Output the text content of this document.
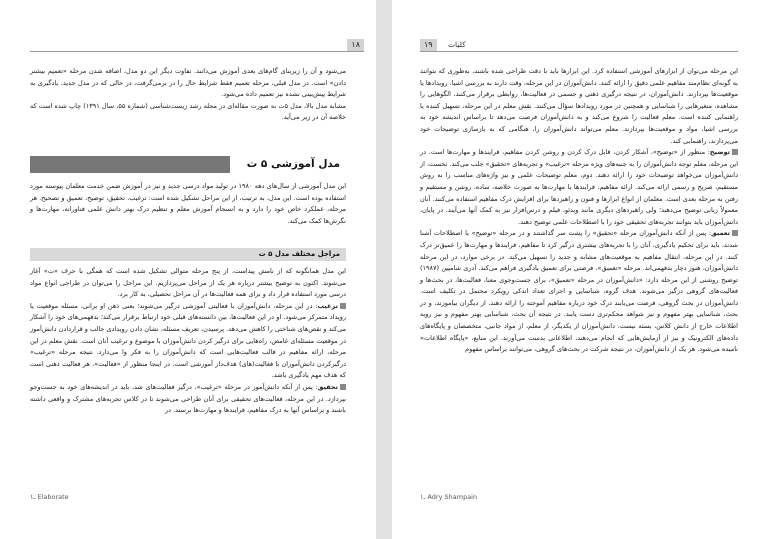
۱۸

می‌شود و آن را زیربنای گام‌های بعدی آموزش می‌دانند. تفاوت دیگر این دو مدل، اضافه شدن مرحله «تعمیم بیشتر دادن» است. در مدل قبلی، مرحله تعمیم فقط شرایط حال را در برمی‌گرفت، در حالی که در مدل جدید، یادگیری به شرایط پیش‌بینی نشده نیز تعمیم داده می‌شود.

مشابه مدل بالا، مدل ۵ت به صورت مقاله‌ای در مجله رشد زیست‌شناسی (شماره ۵۵، سال ۱۳۹۱) چاپ شده است که خلاصه آن در زیر می‌آید.

مدل آموزشی ۵ ت

این مدل آموزشی از سال‌های دهه ۱۹۸۰ در تولید مواد درسی جدید و نیز در آموزش ضمن خدمت معلمان پیوسته مورد استفاده بوده است. این مدل، به ترتیب، از این مراحل تشکیل شده است: ترغیب، تحقیق، توضیح، تعمیق و تصحیح. هر مرحله، عملکرد خاص خود را دارد و به انسجام آموزش معلم و تنظیم درک بهتر دانش علمی فناورانه، مهارت‌ها و نگرش‌ها کمک می‌کند.

مراحل مختلف مدل ۵ ت

این مدل همانگونه که از نامش پیداست، از پنج مرحله متوالی تشکیل شده است که همگی با حرف «ت» آغاز می‌شوند. اکنون به توضیح بیشتر درباره هر یک از مراحل می‌پردازیم. این مراحل را می‌توان در طراحی انواع مواد درسی مورد استفاده قرار داد و برای همه فعالیت‌ها در آن مراحل تحصیلی، به کار برد.

ترغیب: در این مرحله، دانش‌آموزان با فعالیتی آموزشی درگیر می‌شوند؛ یعنی ذهن او برانی، مسئله موقعیت یا رویداد متمرکز می‌شود. او در این فعالیت‌ها، بین دانسته‌های قبلی خود ارتباط برقرار می‌کند؛ بدفهمی‌های خود را آشکار می‌کند و نقص‌های شناختی را کاهش می‌دهد. پرسیدن، تعریف مسئله، نشان دادن رویدادی جالب و قراردادن دانش‌آموز در موقعیت مسئله‌ای غامض، راه‌هایی برای درگیر کردن دانش‌آموزان با موضوع و ترغیب آنان است. نقش معلم در این مرحله، ارائه مفاهیم در قالب فعالیت‌هایی است که دانش‌آموزان را به فکر وا می‌دارد. نتیجه مرحله «ترغیب» درگیرکردن دانش‌آموزان با فعالیت‌(های) هدف‌دار آموزشی است. در اینجا منظور از «فعالیت»، هر فعالیت ذهنی است که هدف مهم یادگیری باشد.

تحقیق: پس از آنکه دانش‌آموز در مرحله «ترغیب»، درگیر فعالیت‌های شد، باید در اندیشه‌های خود به جست‌وجو بپردازد. در این مرحله، فعالیت‌های تحقیقی برای آنان طراحی می‌شوند تا در کلاس تجربه‌های مشترک و واقعی داشته باشند و براساس آنها به درک مفاهیم، فرایندها و مهارت‌ها برسند. در

۱ـ Elaborate
۱۹	کلیات

این مرحله می‌توان از ابزارهای آموزشی استفاده کرد. این ابزارها باید با دقت طراحی شده باشند، به‌طوری که بتوانند به گونه‌ای نظام‌مند مفاهیم علمی دقیق را ارائه کنند. دانش‌آموزان در این مرحله، وقت دارند به بررسی اشیا، رویدادها یا موقعیت‌ها بپردازند. دانش‌آموزان، در نتیجه درگیری ذهنی و جسمی در فعالیت‌ها، روابطی برقرار می‌کنند، الگوهایی را مشاهده، متغیرهایی را شناسایی و همچنین در مورد رویدادها سؤال می‌کنند. نقش معلم در این مرحله، تسهیل کننده یا راهنمایی کننده است. معلم فعالیت را شروع می‌کند و به دانش‌آموزان فرصت می‌دهد تا براساس اندیشه خود به بررسی اشیا، مواد و موقعیت‌ها بپردازند. معلم می‌تواند دانش‌آموزان را، هنگامی که به بازسازی توضیحات خود می‌پردازند، راهنمایی کند.

توضیح: منظور از «توضیح»، آشکار کردن، قابل درک کردن و روشن کردن مفاهیم، فرایندها و مهارت‌ها است. در این مرحله، معلم توجه دانش‌آموزان را به جنبه‌های ویژه مرحله «ترغیب» و تجربه‌های «تحقیق» جلب می‌کند. نخست، از دانش‌آموزان می‌خواهد توضیحات خود را ارائه دهند. دوم، معلم توضیحات علمی و نیز واژه‌های مناسب را به روش مستقیم، صریح و رسمی ارائه می‌کند. ارائه مفاهیم، فرایندها یا مهارت‌ها به صورت خلاصه، ساده، روشن و مستقیم و رفتن به مرحله بعدی است. معلمان از انواع ابزارها و فنون و راهبردها برای افزایش درک مفاهیم استفاده می‌کنند. آنان معمولاً زبانی توضیح می‌دهند؛ ولی راهبردهای دیگری مانند ویدئو، فیلم و درس‌افزار نیز به کمک آنها می‌آیند. در پایان، دانش‌آموزان باید بتوانند تجربه‌های تحقیقی خود را با اصطلاحات علمی توضیح دهند.

تعمیق: پس از آنکه دانش‌آموزان مرحله «تحقیق» را پشت سر گذاشتند و در مرحله «توضیح» با اصطلاحات آشنا شدند، باید برای تحکیم یادگیری، آنان را با تجربه‌های بیشتری درگیر کرد تا مفاهیم، فرایندها و مهارت‌ها را عمیق‌تر درک کنند. در این مرحله، انتقال مفاهیم به موقعیت‌های مشابه و جدید را تسهیل می‌کند. در برخی موارد، در این مرحله دانش‌آموزان، هنوز دچار بدفهمی‌اند. مرحله «تعمیق»، فرصتی برای تعمیق یادگیری فراهم می‌کند. آدری شامپین (۱۹۸۷) توضیح روشنی از این مرحله دارد: «دانش‌آموزان در مرحله «تعمیق»، برای جست‌وجوی معنا، فعالیت‌ها، در بحث‌ها و فعالیت‌های گروهی درگیر می‌شوند. هدف گروه، شناسایی و اجرای تعداد اندکی رویکرد محتمل در تکلیف است. دانش‌آموزان در بحث گروهی، فرصت می‌یابند درک خود درباره مفاهیم آموخته را ارائه دهند، از دیگران بیاموزند، و در بحث، شناسایی بهتر مفهوم و نیز شواهد محکم‌تری دست یابند. در نتیجه آن بحث، شناسایی بهتر مفهوم و نیز رویه اطلاعات خارج از دانش کلاس، بسته نیست. دانش‌آموزان از یکدیگر، از معلم، از مواد جانبی، متخصصان و پایگاه‌های داده‌های الکترونیک و نیز از آزمایش‌هایی که انجام می‌دهند، اطلاعاتی بدست می‌آورند. این منابع، «پایگاه اطلاعات» نامیده می‌شود. هر یک از دانش‌آموزان، در نتیجه شرکت در بحث‌های گروهی، می‌توانند براساس مفهوم

۱ـ Adry Shampain
